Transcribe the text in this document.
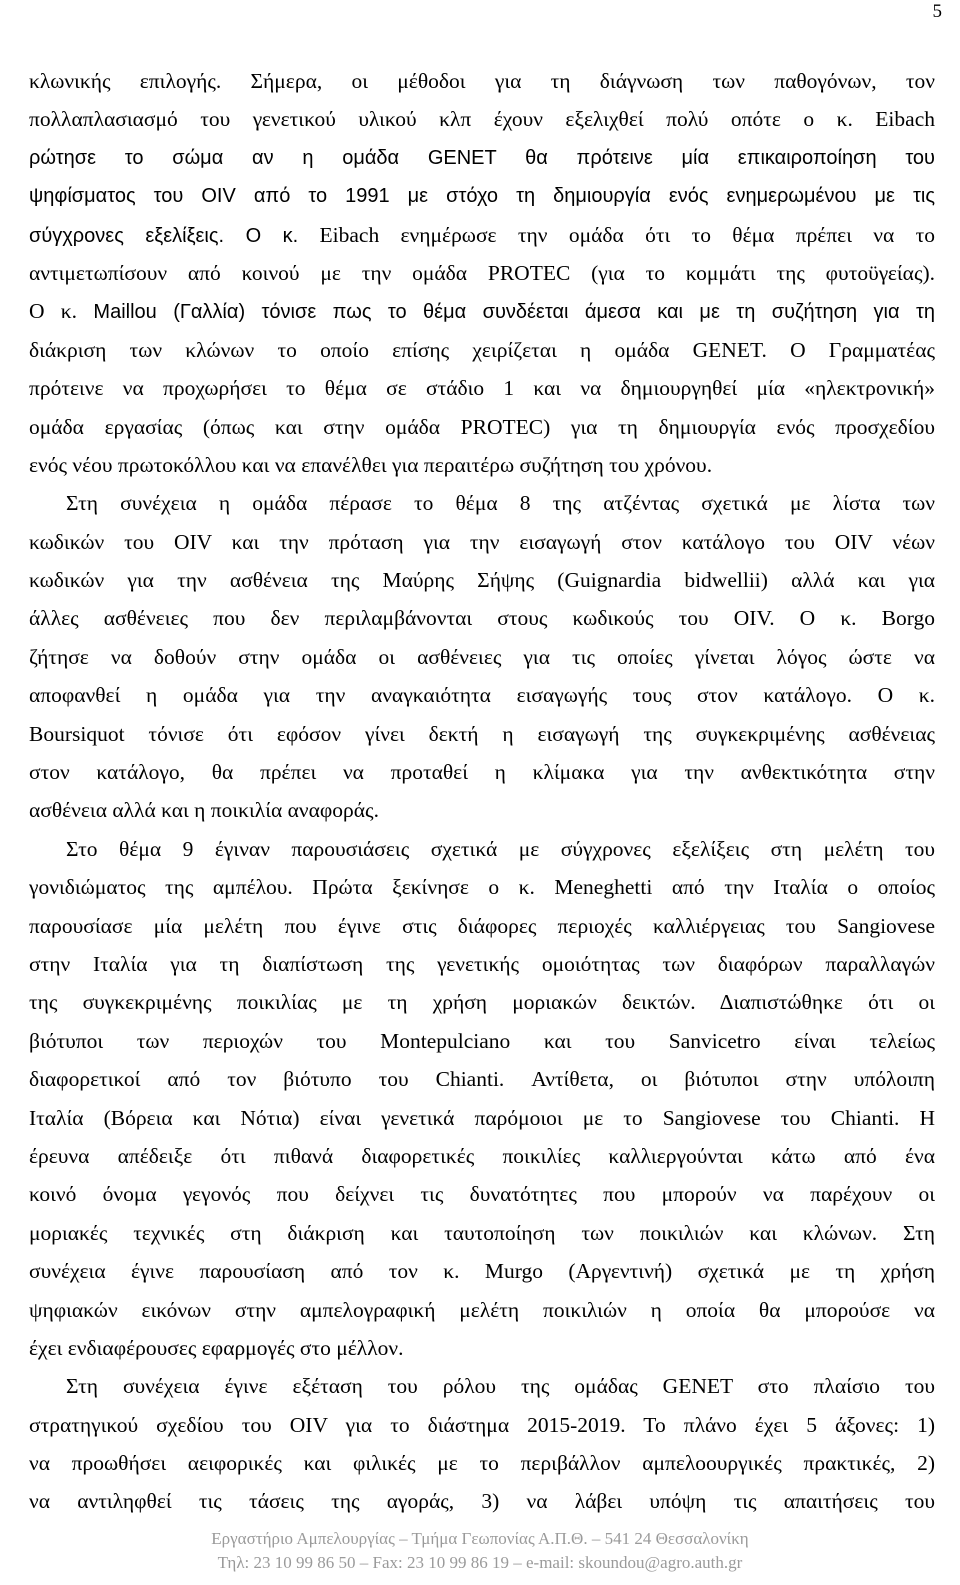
5
κλωνικής επιλογής. Σήμερα, οι μέθοδοι για τη διάγνωση των παθογόνων, τον
πολλαπλασιασμό του γενετικού υλικού κλπ έχουν εξελιχθεί πολύ οπότε ο κ. Eibach
ρώτησε το σώμα αν η ομάδα GENET θα πρότεινε μία επικαιροποίηση του
ψηφίσματος του OIV από το 1991 με στόχο τη δημιουργία ενός ενημερωμένου με τις
σύγχρονες εξελίξεις. Ο κ. Eibach ενημέρωσε την ομάδα ότι το θέμα πρέπει να το
αντιμετωπίσουν από κοινού με την ομάδα PROTEC (για το κομμάτι της φυτοϋγείας).
Ο κ. Maillou (Γαλλία) τόνισε πως το θέμα συνδέεται άμεσα και με τη συζήτηση για τη
διάκριση των κλώνων το οποίο επίσης χειρίζεται η ομάδα GENET. Ο Γραμματέας
πρότεινε να προχωρήσει το θέμα σε στάδιο 1 και να δημιουργηθεί μία «ηλεκτρονική»
ομάδα εργασίας (όπως και στην ομάδα PROTEC) για τη δημιουργία ενός προσχεδίου
ενός νέου πρωτοκόλλου και να επανέλθει για περαιτέρω συζήτηση του χρόνου.
Στη συνέχεια η ομάδα πέρασε το θέμα 8 της ατζέντας σχετικά με λίστα των
κωδικών του OIV και την πρόταση για την εισαγωγή στον κατάλογο του OIV νέων
κωδικών για την ασθένεια της Μαύρης Σήψης (Guignardia bidwellii) αλλά και για
άλλες ασθένειες που δεν περιλαμβάνονται στους κωδικούς του OIV. Ο κ. Borgo
ζήτησε να δοθούν στην ομάδα οι ασθένειες για τις οποίες γίνεται λόγος ώστε να
αποφανθεί η ομάδα για την αναγκαιότητα εισαγωγής τους στον κατάλογο. Ο κ.
Boursiquot τόνισε ότι εφόσον γίνει δεκτή η εισαγωγή της συγκεκριμένης ασθένειας
στον κατάλογο, θα πρέπει να προταθεί η κλίμακα για την ανθεκτικότητα στην
ασθένεια αλλά και η ποικιλία αναφοράς.
Στο θέμα 9 έγιναν παρουσιάσεις σχετικά με σύγχρονες εξελίξεις στη μελέτη του
γονιδιώματος της αμπέλου. Πρώτα ξεκίνησε ο κ. Meneghetti από την Ιταλία ο οποίος
παρουσίασε μία μελέτη που έγινε στις διάφορες περιοχές καλλιέργειας του Sangiovese
στην Ιταλία για τη διαπίστωση της γενετικής ομοιότητας των διαφόρων παραλλαγών
της συγκεκριμένης ποικιλίας με τη χρήση μοριακών δεικτών. Διαπιστώθηκε ότι οι
βιότυποι των περιοχών του Montepulciano και του Sanvicetro είναι τελείως
διαφορετικοί από τον βιότυπο του Chianti. Αντίθετα, οι βιότυποι στην υπόλοιπη
Ιταλία (Βόρεια και Νότια) είναι γενετικά παρόμοιοι με το Sangiovese του Chianti. Η
έρευνα απέδειξε ότι πιθανά διαφορετικές ποικιλίες καλλιεργούνται κάτω από ένα
κοινό όνομα γεγονός που δείχνει τις δυνατότητες που μπορούν να παρέχουν οι
μοριακές τεχνικές στη διάκριση και ταυτοποίηση των ποικιλιών και κλώνων. Στη
συνέχεια έγινε παρουσίαση από τον κ. Murgo (Αργεντινή) σχετικά με τη χρήση
ψηφιακών εικόνων στην αμπελογραφική μελέτη ποικιλιών η οποία θα μπορούσε να
έχει ενδιαφέρουσες εφαρμογές στο μέλλον.
Στη συνέχεια έγινε εξέταση του ρόλου της ομάδας GENET στο πλαίσιο του
στρατηγικού σχεδίου του OIV για το διάστημα 2015-2019. Το πλάνο έχει 5 άξονες: 1)
να προωθήσει αειφορικές και φιλικές με το περιβάλλον αμπελοουργικές πρακτικές, 2)
να αντιληφθεί τις τάσεις της αγοράς, 3) να λάβει υπόψη τις απαιτήσεις του
Εργαστήριο Αμπελουργίας – Τμήμα Γεωπονίας Α.Π.Θ. – 541 24 Θεσσαλονίκη
Τηλ: 23 10 99 86 50 – Fax: 23 10 99 86 19 – e-mail: skoundou@agro.auth.gr
